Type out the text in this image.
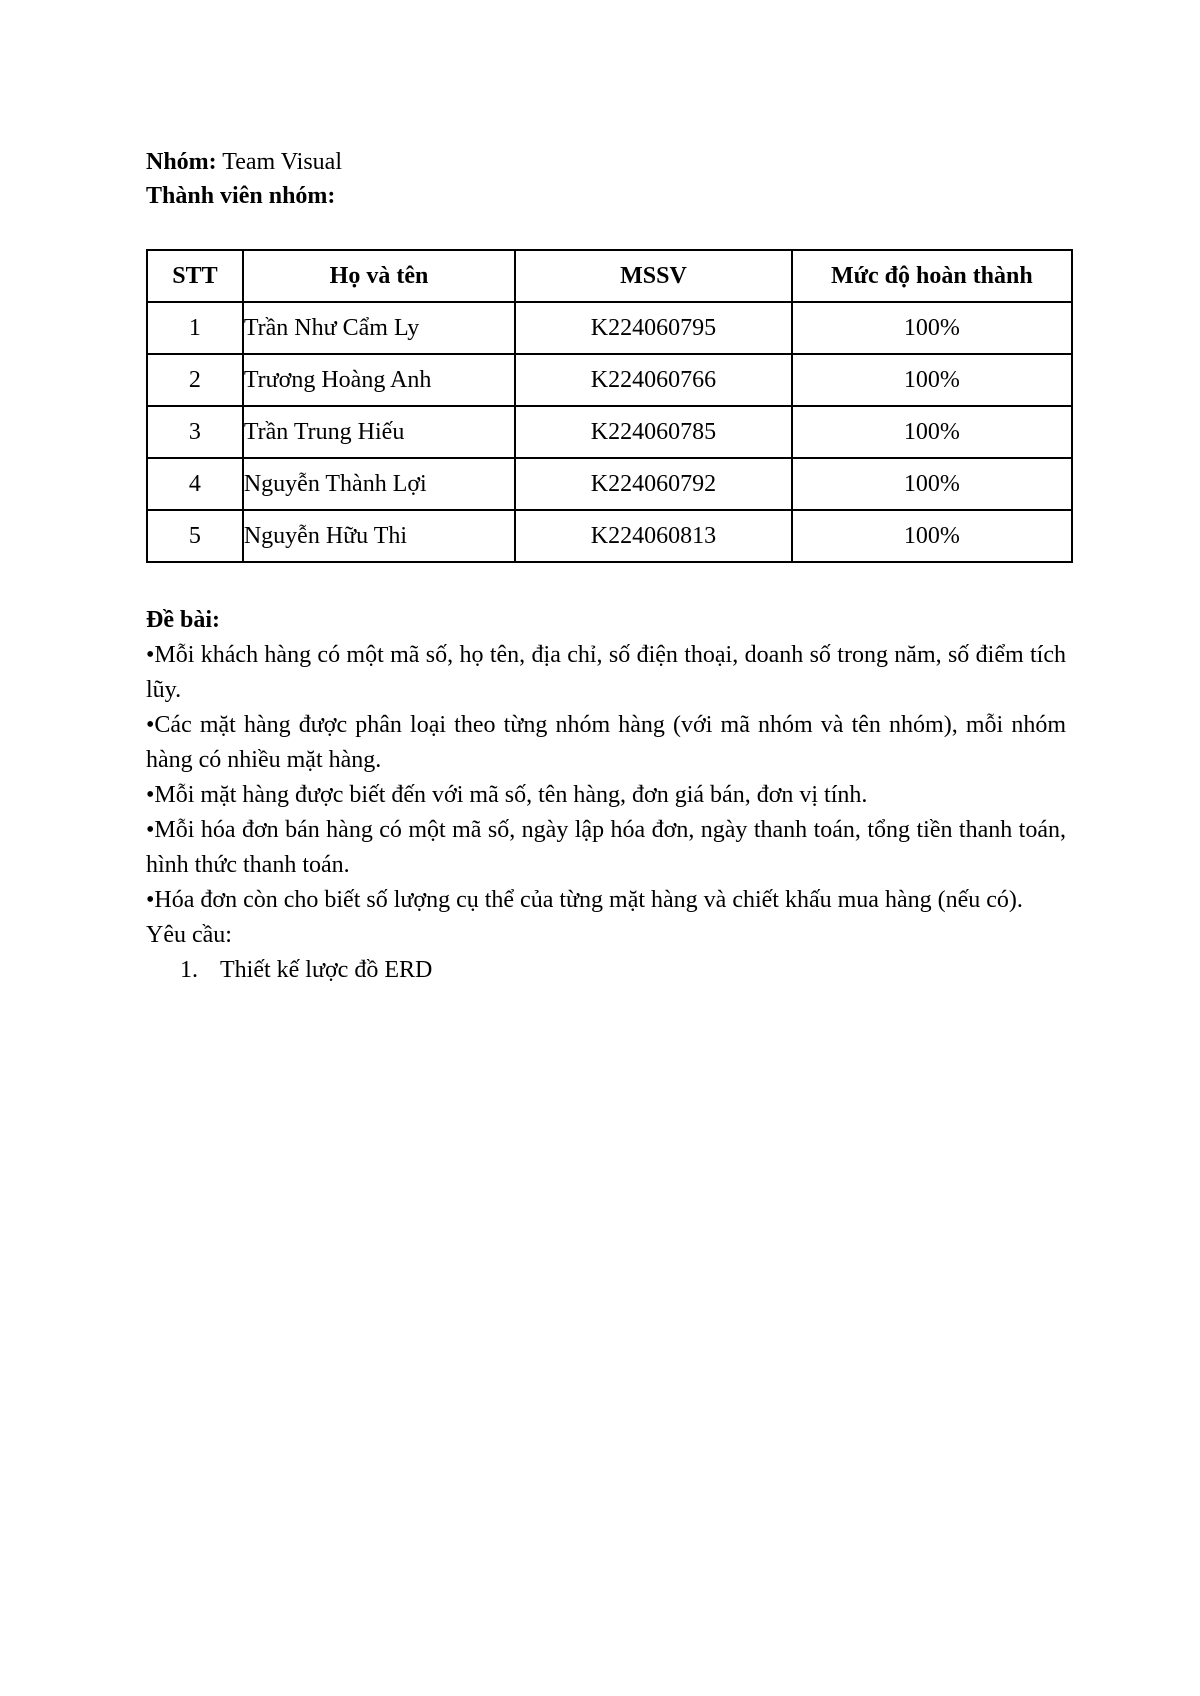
Nhóm: Team Visual
Thành viên nhóm:
STT	Họ và tên	MSSV	Mức độ hoàn thành
1	Trần Như Cẩm Ly	K224060795	100%
2	Trương Hoàng Anh	K224060766	100%
3	Trần Trung Hiếu	K224060785	100%
4	Nguyễn Thành Lợi	K224060792	100%
5	Nguyễn Hữu Thi	K224060813	100%

Đề bài:

•Mỗi khách hàng có một mã số, họ tên, địa chỉ, số điện thoại, doanh số trong năm, số điểm tích lũy.

•Các mặt hàng được phân loại theo từng nhóm hàng (với mã nhóm và tên nhóm), mỗi nhóm hàng có nhiều mặt hàng.

•Mỗi mặt hàng được biết đến với mã số, tên hàng, đơn giá bán, đơn vị tính.

•Mỗi hóa đơn bán hàng có một mã số, ngày lập hóa đơn, ngày thanh toán, tổng tiền thanh toán, hình thức thanh toán.

•Hóa đơn còn cho biết số lượng cụ thể của từng mặt hàng và chiết khấu mua hàng (nếu có).

Yêu cầu:

1. Thiết kế lược đồ ERD
